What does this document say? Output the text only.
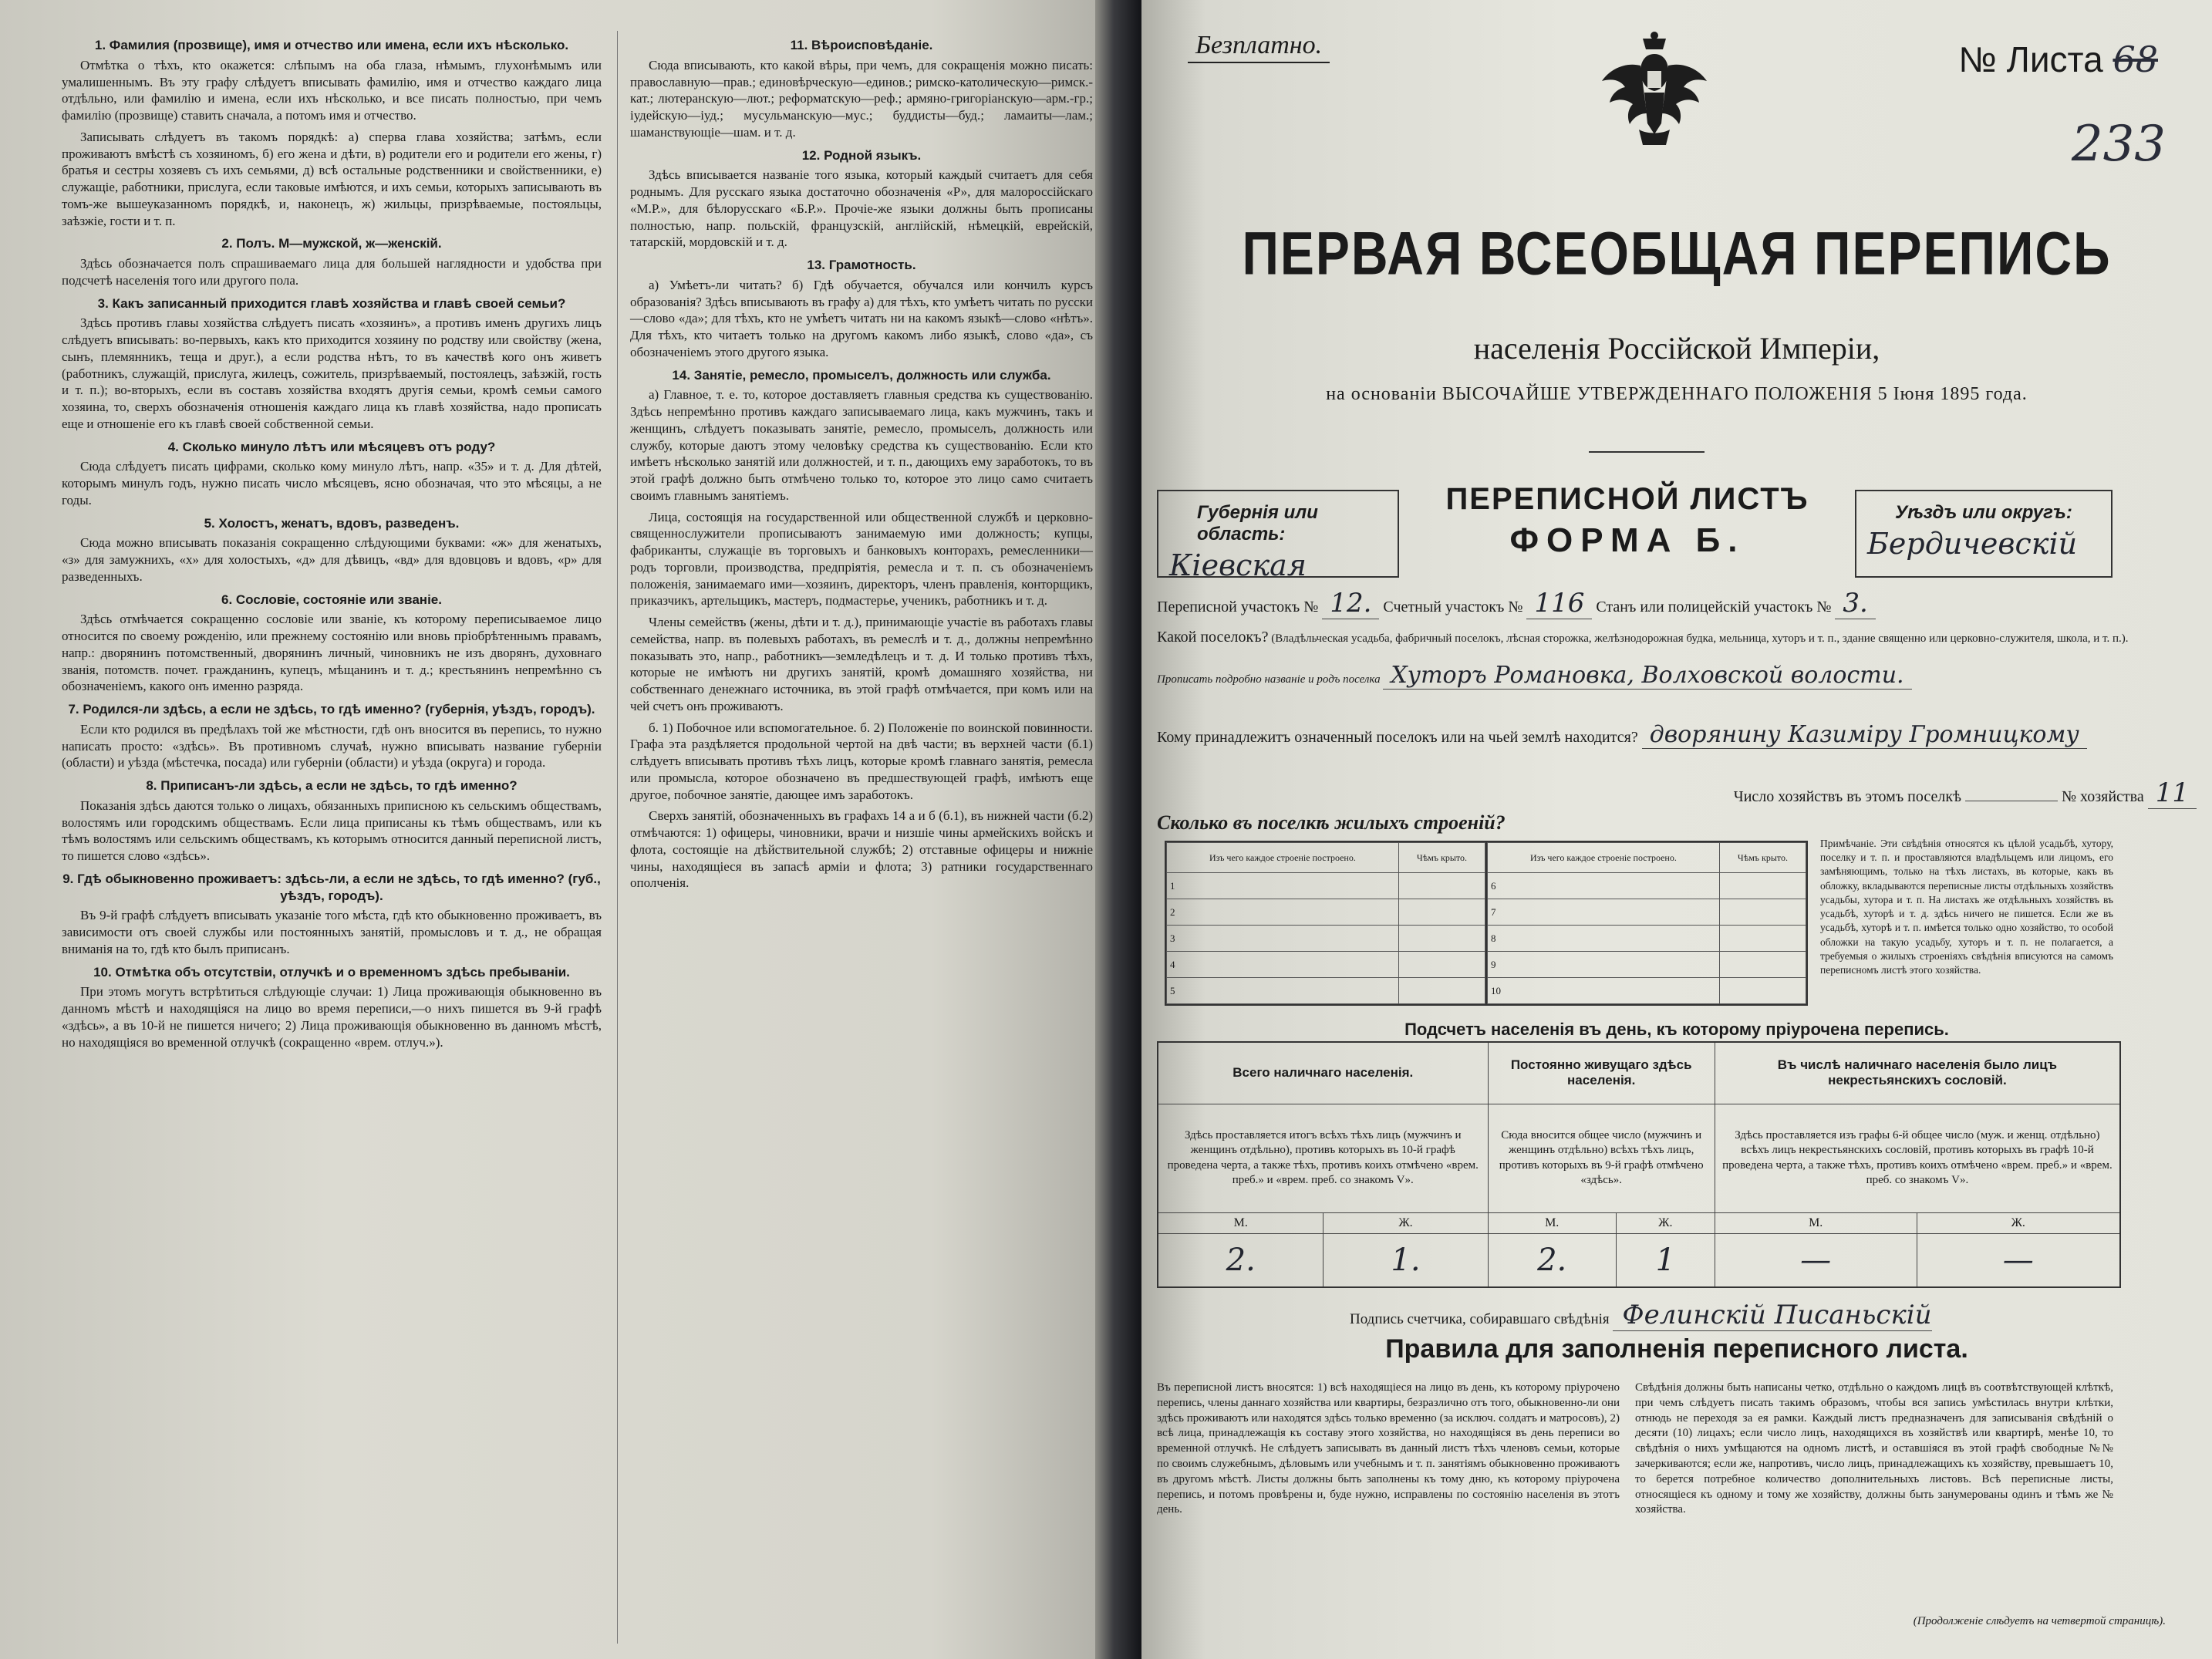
1. Фамилия (прозвище), имя и отчество или имена, если ихъ нѣсколько.

Отмѣтка о тѣхъ, кто окажется: слѣпымъ на оба глаза, нѣмымъ, глухонѣмымъ или умалишеннымъ. Въ эту графу слѣдуетъ вписывать фамилію, имя и отчество каждаго лица отдѣльно, или фамилію и имена, если ихъ нѣсколько, и все писать полностью, при чемъ фамилію (прозвище) ставить сначала, а потомъ имя и отчество.

Записывать слѣдуетъ въ такомъ порядкѣ: а) сперва глава хозяйства; затѣмъ, если проживаютъ вмѣстѣ съ хозяиномъ, б) его жена и дѣти, в) родители его и родители его жены, г) братья и сестры хозяевъ съ ихъ семьями, д) всѣ остальные родственники и свойственники, е) служащіе, работники, прислуга, если таковые имѣются, и ихъ семьи, которыхъ записывають въ томъ-же вышеуказанномъ порядкѣ, и, наконецъ, ж) жильцы, призрѣваемые, постояльцы, заѣзжіе, гости и т. п.

2. Полъ. М—мужской, ж—женскій.

Здѣсь обозначается полъ спрашиваемаго лица для большей наглядности и удобства при подсчетѣ населенія того или другого пола.

3. Какъ записанный приходится главѣ хозяйства и главѣ своей семьи?

Здѣсь противъ главы хозяйства слѣдуетъ писать «хозяинъ», а противъ именъ другихъ лицъ слѣдуетъ вписывать: во-первыхъ, какъ кто приходится хозяину по родству или свойству (жена, сынъ, племянникъ, теща и друг.), а если родства нѣтъ, то въ качествѣ кого онъ живетъ (работникъ, служащій, прислуга, жилецъ, сожитель, призрѣваемый, постоялецъ, заѣзжій, гость и т. п.); во-вторыхъ, если въ составъ хозяйства входятъ другія семьи, кромѣ семьи самого хозяина, то, сверхъ обозначенія отношенія каждаго лица къ главѣ хозяйства, надо прописать еще и отношеніе его къ главѣ своей собственной семьи.

4. Сколько минуло лѣтъ или мѣсяцевъ отъ роду?

Сюда слѣдуетъ писать цифрами, сколько кому минуло лѣтъ, напр. «35» и т. д. Для дѣтей, которымъ минулъ годъ, нужно писать число мѣсяцевъ, ясно обозначая, что это мѣсяцы, а не годы.

5. Холостъ, женатъ, вдовъ, разведенъ.

Сюда можно вписывать показанія сокращенно слѣдующими буквами: «ж» для женатыхъ, «з» для замужнихъ, «х» для холостыхъ, «д» для дѣвицъ, «вд» для вдовцовъ и вдовъ, «р» для разведенныхъ.

6. Сословіе, состояніе или званіе.

Здѣсь отмѣчается сокращенно сословіе или званіе, къ которому переписываемое лицо относится по своему рожденію, или прежнему состоянію или вновь пріобрѣтеннымъ правамъ, напр.: дворянинъ потомственный, дворянинъ личный, чиновникъ не изъ дворянъ, духовнаго званія, потомств. почет. гражданинъ, купецъ, мѣщанинъ и т. д.; крестьянинъ непремѣнно съ обозначеніемъ, какого онъ именно разряда.

7. Родился-ли здѣсь, а если не здѣсь, то гдѣ именно? (губернія, уѣздъ, городъ).

Если кто родился въ предѣлахъ той же мѣстности, гдѣ онъ вносится въ перепись, то нужно написать просто: «здѣсь». Въ противномъ случаѣ, нужно вписывать название губерніи (области) и уѣзда (мѣстечка, посада) или губерніи (области) и уѣзда (округа) и города.

8. Приписанъ-ли здѣсь, а если не здѣсь, то гдѣ именно?

Показанія здѣсь даются только о лицахъ, обязанныхъ приписною къ сельскимъ обществамъ, волостямъ или городскимъ обществамъ. Если лица приписаны къ тѣмъ обществамъ, или къ тѣмъ волостямъ или сельскимъ обществамъ, къ которымъ относится данный переписной листъ, то пишется слово «здѣсь».

9. Гдѣ обыкновенно проживаетъ: здѣсь-ли, а если не здѣсь, то гдѣ именно? (губ., уѣздъ, городъ).

Въ 9-й графѣ слѣдуетъ вписывать указаніе того мѣста, гдѣ кто обыкновенно проживаетъ, въ зависимости отъ своей службы или постоянныхъ занятій, промысловъ и т. д., не обращая вниманія на то, гдѣ кто былъ приписанъ.

10. Отмѣтка объ отсутствіи, отлучкѣ и о временномъ здѣсь пребываніи.

При этомъ могутъ встрѣтиться слѣдующіе случаи: 1) Лица проживающія обыкновенно въ данномъ мѣстѣ и находящіяся на лицо во время переписи,—о нихъ пишется въ 9-й графѣ «здѣсь», а въ 10-й не пишется ничего; 2) Лица проживающія обыкновенно въ данномъ мѣстѣ, но находящіяся во временной отлучкѣ (сокращенно «врем. отлуч.»).

11. Вѣроисповѣданіе.

Сюда вписывають, кто какой вѣры, при чемъ, для сокращенія можно писать: православную—прав.; единовѣрческую—единов.; римско-католическую—римск.-кат.; лютеранскую—лют.; реформатскую—реф.; армяно-григоріанскую—арм.-гр.; іудейскую—іуд.; мусульманскую—мус.; буддисты—буд.; ламаиты—лам.; шаманствующіе—шам. и т. д.

12. Родной языкъ.

Здѣсь вписывается названіе того языка, который каждый считаетъ для себя роднымъ. Для русскаго языка достаточно обозначенія «Р», для малороссійскаго «М.Р.», для бѣлорусскаго «Б.Р.». Прочіе-же языки должны быть прописаны полностью, напр. польскій, французскій, англійскій, нѣмецкій, еврейскій, татарскій, мордовскій и т. д.

13. Грамотность.

а) Умѣетъ-ли читать? б) Гдѣ обучается, обучался или кончилъ курсъ образованія? Здѣсь вписывають въ графу а) для тѣхъ, кто умѣетъ читать по русски—слово «да»; для тѣхъ, кто не умѣетъ читать ни на какомъ языкѣ—слово «нѣтъ». Для тѣхъ, кто читаетъ только на другомъ какомъ либо языкѣ, слово «да», съ обозначеніемъ этого другого языка.

14. Занятіе, ремесло, промыселъ, должность или служба.

а) Главное, т. е. то, которое доставляетъ главныя средства къ существованію. Здѣсь непремѣнно противъ каждаго записываемаго лица, какъ мужчинъ, такъ и женщинъ, слѣдуетъ показывать занятіе, ремесло, промыселъ, должность или службу, которые даютъ этому человѣку средства къ существованію. Если кто имѣетъ нѣсколько занятій или должностей, и т. п., дающихъ ему заработокъ, то въ этой графѣ должно быть отмѣчено только то, которое это лицо само считаетъ своимъ главнымъ занятіемъ.

Лица, состоящія на государственной или общественной службѣ и церковно-священнослужители прописываютъ занимаемую ими должность; купцы, фабриканты, служащіе въ торговыхъ и банковыхъ конторахъ, ремесленники—родъ торговли, производства, предпріятія, ремесла и т. п. съ обозначеніемъ положенія, занимаемаго ими—хозяинъ, директоръ, членъ правленія, конторщикъ, приказчикъ, артельщикъ, мастеръ, подмастерье, ученикъ, работникъ и т. д.

Члены семействъ (жены, дѣти и т. д.), принимающіе участіе въ работахъ главы семейства, напр. въ полевыхъ работахъ, въ ремеслѣ и т. д., должны непремѣнно показывать это, напр., работникъ—земледѣлецъ и т. д. И только противъ тѣхъ, которые не имѣютъ ни другихъ занятій, кромѣ домашняго хозяйства, ни собственнаго денежнаго источника, въ этой графѣ отмѣчается, при комъ или на чей счетъ онъ проживаютъ.

б. 1) Побочное или вспомогательное. б. 2) Положеніе по воинской повинности. Графа эта раздѣляется продольной чертой на двѣ части; въ верхней части (б.1) слѣдуетъ вписывать противъ тѣхъ лицъ, которые кромѣ главнаго занятія, ремесла или промысла, которое обозначено въ предшествующей графѣ, имѣютъ еще другое, побочное занятіе, дающее имъ заработокъ.

Сверхъ занятій, обозначенныхъ въ графахъ 14 а и б (б.1), въ нижней части (б.2) отмѣчаются: 1) офицеры, чиновники, врачи и низшіе чины армейскихъ войскъ и флота, состоящіе на дѣйствительной службѣ; 2) отставные офицеры и нижніе чины, находящіеся въ запасѣ арміи и флота; 3) ратники государственнаго ополченія.

Безплатно.	№ Листа 68
233
ПЕРВАЯ ВСЕОБЩАЯ ПЕРЕПИСЬ
населенія Россійской Имперіи,
на основаніи ВЫСОЧАЙШЕ УТВЕРЖДЕННАГО ПОЛОЖЕНІЯ 5 Іюня 1895 года.
Губернія или область:
Кіевская
ПЕРЕПИСНОЙ ЛИСТЪ
ФОРМА Б.
Уѣздъ или округъ:
Бердичевскій
Переписной участокъ № 12. Счетный участокъ № 116 Станъ или полицейскій участокъ № 3.
Какой поселокъ? (Владѣльческая усадьба, фабричный поселокъ, лѣсная сторожка, желѣзнодорожная будка, мельница, хуторъ и т. п., здание священно или церковно-служителя, школа, и т. п.).
Прописать подробно названіе и родъ поселка Хуторъ Романовка, Волховской волости.
Кому принадлежитъ означенный поселокъ или на чьей землѣ находится? дворянину Казиміру Громницкому
Число хозяйствъ въ этомъ поселкѣ	№ хозяйства 11
Сколько въ поселкѣ жилыхъ строеній?
Изъ чего каждое строеніе построено.	Чѣмъ крыто.
1	
2	
3	
4	
5	
Изъ чего каждое строеніе построено.	Чѣмъ крыто.
6	
7	
8	
9	
10	
Примѣчаніе. Эти свѣдѣнія относятся къ цѣлой усадьбѣ, хутору, поселку и т. п. и проставляются владѣльцемъ или лицомъ, его замѣняющимъ, только на тѣхъ листахъ, въ которые, какъ въ обложку, вкладываются переписные листы отдѣльныхъ хозяйствъ усадьбы, хутора и т. п. На листахъ же отдѣльныхъ хозяйствъ въ усадьбѣ, хуторѣ и т. д. здѣсь ничего не пишется. Если же въ усадьбѣ, хуторѣ и т. п. имѣется только одно хозяйство, то особой обложки на такую усадьбу, хуторъ и т. п. не полагается, а требуемыя о жилыхъ строеніяхъ свѣдѣнія вписуются на самомъ переписномъ листѣ этого хозяйства.
Подсчетъ населенія въ день, къ которому пріурочена перепись.
Всего наличнаго населенія.		Постоянно живущаго здѣсь населенія.		Въ числѣ наличнаго населенія было лицъ некрестьянскихъ сословій.	
Здѣсь проставляется итогъ всѣхъ тѣхъ лицъ (мужчинъ и женщинъ отдѣльно), противъ которыхъ въ 10-й графѣ проведена черта, а также тѣхъ, противъ коихъ отмѣчено «врем. преб.» и «врем. преб. со знакомъ V».		Сюда вносится общее число (мужчинъ и женщинъ отдѣльно) всѣхъ тѣхъ лицъ, противъ которыхъ въ 9-й графѣ отмѣчено «здѣсь».		Здѣсь проставляется изъ графы 6-й общее число (муж. и женщ. отдѣльно) всѣхъ лицъ некрестьянскихъ сословій, противъ которыхъ въ графѣ 10-й проведена черта, а также тѣхъ, противъ коихъ отмѣчено «врем. преб.» и «врем. преб. со знакомъ V».	
М.	Ж.	М.	Ж.	М.	Ж.
2.	1.	2.	1	—	—
Подпись счетчика, собиравшаго свѣдѣнія Фелинскій Писаньскій
Правила для заполненія переписного листа.
Въ переписной листъ вносятся: 1) всѣ находящіеся на лицо въ день, къ которому пріурочено перепись, члены даннаго хозяйства или квартиры, безразлично отъ того, обыкновенно-ли они здѣсь проживаютъ или находятся здѣсь только временно (за исключ. солдатъ и матросовъ), 2) всѣ лица, принадлежащія къ составу этого хозяйства, но находящіяся въ день переписи во временной отлучкѣ. Не слѣдуетъ записывать въ данный листъ тѣхъ членовъ семьи, которые по своимъ служебнымъ, дѣловымъ или учебнымъ и т. п. занятіямъ обыкновенно проживаютъ въ другомъ мѣстѣ. Листы должны быть заполнены къ тому дню, къ которому пріурочена перепись, и потомъ провѣрены и, буде нужно, исправлены по состоянію населенія въ этотъ день.
Свѣдѣнія должны быть написаны четко, отдѣльно о каждомъ лицѣ въ соотвѣтствующей клѣткѣ, при чемъ слѣдуетъ писать такимъ образомъ, чтобы вся запись умѣстилась внутри клѣтки, отнюдь не переходя за ея рамки. Каждый листъ предназначенъ для записыванія свѣдѣній о десяти (10) лицахъ; если число лицъ, находящихся въ хозяйствѣ или квартирѣ, менѣе 10, то свѣдѣнія о нихъ умѣщаются на одномъ листѣ, и оставшіяся въ этой графѣ свободные №№ зачеркиваются; если же, напротивъ, число лицъ, принадлежащихъ къ хозяйству, превышаетъ 10, то берется потребное количество дополнительныхъ листовъ. Всѣ переписные листы, относящіеся къ одному и тому же хозяйству, должны быть занумерованы одинъ и тѣмъ же № хозяйства.
(Продолженіе слѣдуетъ на четвертой страницѣ).
